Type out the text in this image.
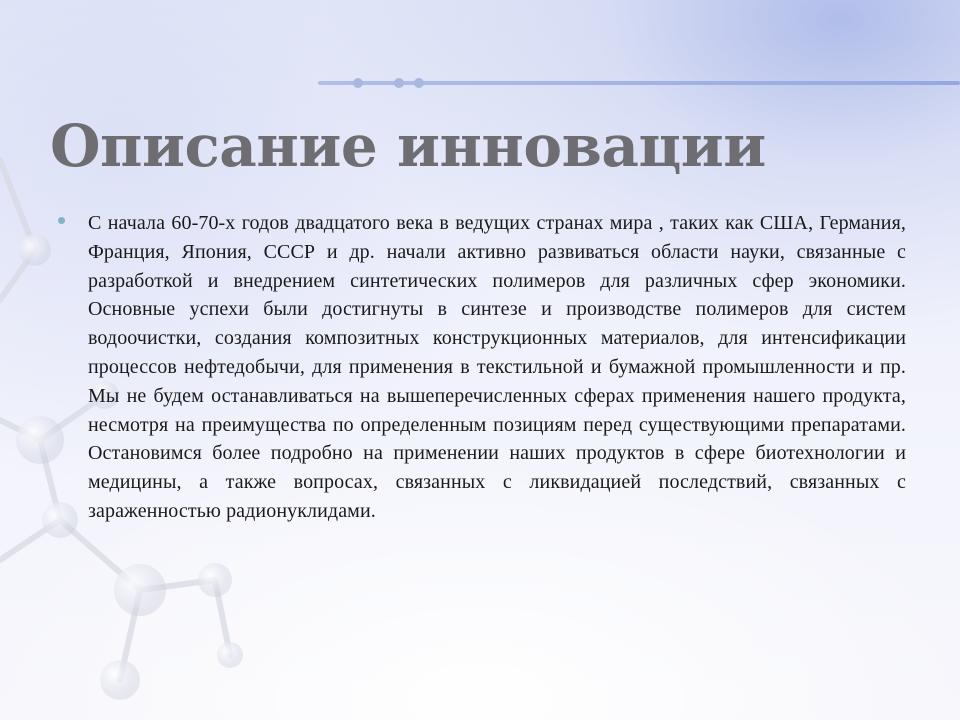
Описание инновации

С начала 60-70-х годов двадцатого века в ведущих странах мира , таких как США, Германия, Франция, Япония, СССР и др. начали активно развиваться области науки, связанные с разработкой и внедрением синтетических полимеров для различных сфер экономики. Основные успехи были достигнуты в синтезе и производстве полимеров для систем водоочистки, создания композитных конструкционных материалов, для интенсификации процессов нефтедобычи, для применения в текстильной и бумажной промышленности и пр. Мы не будем останавливаться на вышеперечисленных сферах применения нашего продукта, несмотря на преимущества по определенным позициям перед существующими препаратами. Остановимся более подробно на применении наших продуктов в сфере биотехнологии и медицины, а также вопросах, связанных с ликвидацией последствий, связанных с зараженностью радионуклидами.
